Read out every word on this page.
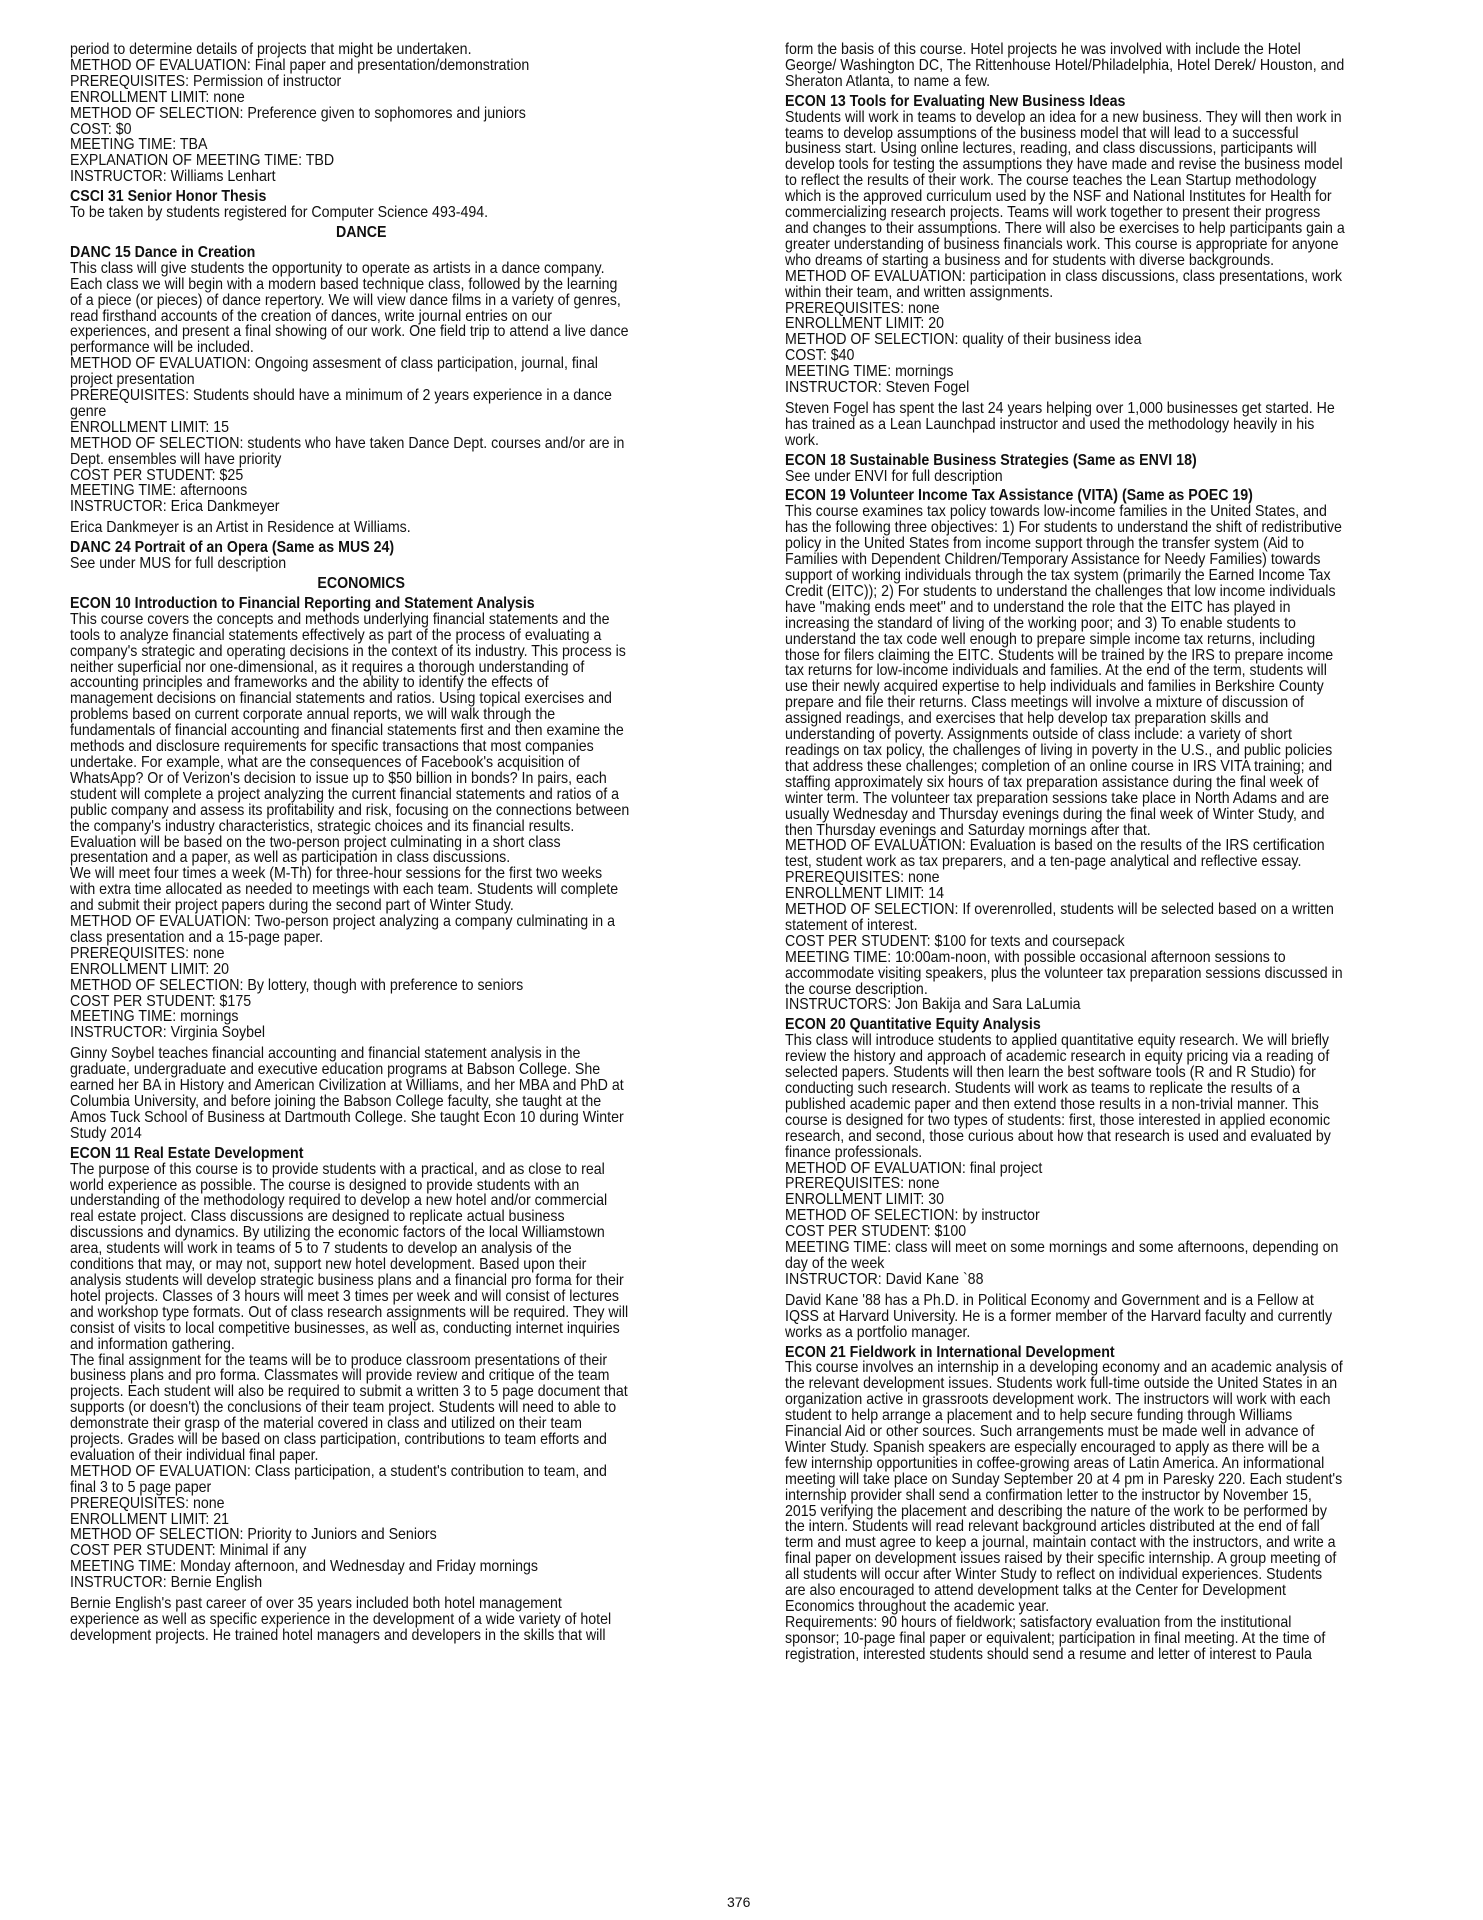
period to determine details of projects that might be undertaken.

METHOD OF EVALUATION: Final paper and presentation/demonstration

PREREQUISITES: Permission of instructor

ENROLLMENT LIMIT: none

METHOD OF SELECTION: Preference given to sophomores and juniors

COST: $0

MEETING TIME: TBA

EXPLANATION OF MEETING TIME: TBD

INSTRUCTOR: Williams Lenhart

CSCI 31 Senior Honor Thesis

To be taken by students registered for Computer Science 493-494.

DANCE
DANC 15 Dance in Creation

This class will give students the opportunity to operate as artists in a dance company.

Each class we will begin with a modern based technique class, followed by the learning

of a piece (or pieces) of dance repertory. We will view dance films in a variety of genres,

read firsthand accounts of the creation of dances, write journal entries on our

experiences, and present a final showing of our work. One field trip to attend a live dance

performance will be included.

METHOD OF EVALUATION: Ongoing assesment of class participation, journal, final

project presentation

PREREQUISITES: Students should have a minimum of 2 years experience in a dance

genre

ENROLLMENT LIMIT: 15

METHOD OF SELECTION: students who have taken Dance Dept. courses and/or are in

Dept. ensembles will have priority

COST PER STUDENT: $25

MEETING TIME: afternoons

INSTRUCTOR: Erica Dankmeyer

Erica Dankmeyer is an Artist in Residence at Williams.

DANC 24 Portrait of an Opera (Same as MUS 24)

See under MUS for full description

ECONOMICS
ECON 10 Introduction to Financial Reporting and Statement Analysis

This course covers the concepts and methods underlying financial statements and the

tools to analyze financial statements effectively as part of the process of evaluating a

company's strategic and operating decisions in the context of its industry. This process is

neither superficial nor one-dimensional, as it requires a thorough understanding of

accounting principles and frameworks and the ability to identify the effects of

management decisions on financial statements and ratios. Using topical exercises and

problems based on current corporate annual reports, we will walk through the

fundamentals of financial accounting and financial statements first and then examine the

methods and disclosure requirements for specific transactions that most companies

undertake. For example, what are the consequences of Facebook's acquisition of

WhatsApp? Or of Verizon's decision to issue up to $50 billion in bonds? In pairs, each

student will complete a project analyzing the current financial statements and ratios of a

public company and assess its profitability and risk, focusing on the connections between

the company's industry characteristics, strategic choices and its financial results.

Evaluation will be based on the two-person project culminating in a short class

presentation and a paper, as well as participation in class discussions.

We will meet four times a week (M-Th) for three-hour sessions for the first two weeks

with extra time allocated as needed to meetings with each team. Students will complete

and submit their project papers during the second part of Winter Study.

METHOD OF EVALUATION: Two-person project analyzing a company culminating in a

class presentation and a 15-page paper.

PREREQUISITES: none

ENROLLMENT LIMIT: 20

METHOD OF SELECTION: By lottery, though with preference to seniors

COST PER STUDENT: $175

MEETING TIME: mornings

INSTRUCTOR: Virginia Soybel

Ginny Soybel teaches financial accounting and financial statement analysis in the

graduate, undergraduate and executive education programs at Babson College. She

earned her BA in History and American Civilization at Williams, and her MBA and PhD at

Columbia University, and before joining the Babson College faculty, she taught at the

Amos Tuck School of Business at Dartmouth College. She taught Econ 10 during Winter

Study 2014

ECON 11 Real Estate Development

The purpose of this course is to provide students with a practical, and as close to real

world experience as possible. The course is designed to provide students with an

understanding of the methodology required to develop a new hotel and/or commercial

real estate project. Class discussions are designed to replicate actual business

discussions and dynamics. By utilizing the economic factors of the local Williamstown

area, students will work in teams of 5 to 7 students to develop an analysis of the

conditions that may, or may not, support new hotel development. Based upon their

analysis students will develop strategic business plans and a financial pro forma for their

hotel projects. Classes of 3 hours will meet 3 times per week and will consist of lectures

and workshop type formats. Out of class research assignments will be required. They will

consist of visits to local competitive businesses, as well as, conducting internet inquiries

and information gathering.

The final assignment for the teams will be to produce classroom presentations of their

business plans and pro forma. Classmates will provide review and critique of the team

projects. Each student will also be required to submit a written 3 to 5 page document that

supports (or doesn't) the conclusions of their team project. Students will need to able to

demonstrate their grasp of the material covered in class and utilized on their team

projects. Grades will be based on class participation, contributions to team efforts and

evaluation of their individual final paper.

METHOD OF EVALUATION: Class participation, a student's contribution to team, and

final 3 to 5 page paper

PREREQUISITES: none

ENROLLMENT LIMIT: 21

METHOD OF SELECTION: Priority to Juniors and Seniors

COST PER STUDENT: Minimal if any

MEETING TIME: Monday afternoon, and Wednesday and Friday mornings

INSTRUCTOR: Bernie English

Bernie English's past career of over 35 years included both hotel management

experience as well as specific experience in the development of a wide variety of hotel

development projects. He trained hotel managers and developers in the skills that will

form the basis of this course. Hotel projects he was involved with include the Hotel

George/ Washington DC, The Rittenhouse Hotel/Philadelphia, Hotel Derek/ Houston, and

Sheraton Atlanta, to name a few.

ECON 13 Tools for Evaluating New Business Ideas

Students will work in teams to develop an idea for a new business. They will then work in

teams to develop assumptions of the business model that will lead to a successful

business start. Using online lectures, reading, and class discussions, participants will

develop tools for testing the assumptions they have made and revise the business model

to reflect the results of their work. The course teaches the Lean Startup methodology

which is the approved curriculum used by the NSF and National Institutes for Health for

commercializing research projects. Teams will work together to present their progress

and changes to their assumptions. There will also be exercises to help participants gain a

greater understanding of business financials work. This course is appropriate for anyone

who dreams of starting a business and for students with diverse backgrounds.

METHOD OF EVALUATION: participation in class discussions, class presentations, work

within their team, and written assignments.

PREREQUISITES: none

ENROLLMENT LIMIT: 20

METHOD OF SELECTION: quality of their business idea

COST: $40

MEETING TIME: mornings

INSTRUCTOR: Steven Fogel

Steven Fogel has spent the last 24 years helping over 1,000 businesses get started. He

has trained as a Lean Launchpad instructor and used the methodology heavily in his

work.

ECON 18 Sustainable Business Strategies (Same as ENVI 18)

See under ENVI for full description

ECON 19 Volunteer Income Tax Assistance (VITA) (Same as POEC 19)

This course examines tax policy towards low-income families in the United States, and

has the following three objectives: 1) For students to understand the shift of redistributive

policy in the United States from income support through the transfer system (Aid to

Families with Dependent Children/Temporary Assistance for Needy Families) towards

support of working individuals through the tax system (primarily the Earned Income Tax

Credit (EITC)); 2) For students to understand the challenges that low income individuals

have "making ends meet" and to understand the role that the EITC has played in

increasing the standard of living of the working poor; and 3) To enable students to

understand the tax code well enough to prepare simple income tax returns, including

those for filers claiming the EITC. Students will be trained by the IRS to prepare income

tax returns for low-income individuals and families. At the end of the term, students will

use their newly acquired expertise to help individuals and families in Berkshire County

prepare and file their returns. Class meetings will involve a mixture of discussion of

assigned readings, and exercises that help develop tax preparation skills and

understanding of poverty. Assignments outside of class include: a variety of short

readings on tax policy, the challenges of living in poverty in the U.S., and public policies

that address these challenges; completion of an online course in IRS VITA training; and

staffing approximately six hours of tax preparation assistance during the final week of

winter term. The volunteer tax preparation sessions take place in North Adams and are

usually Wednesday and Thursday evenings during the final week of Winter Study, and

then Thursday evenings and Saturday mornings after that.

METHOD OF EVALUATION: Evaluation is based on the results of the IRS certification

test, student work as tax preparers, and a ten-page analytical and reflective essay.

PREREQUISITES: none

ENROLLMENT LIMIT: 14

METHOD OF SELECTION: If overenrolled, students will be selected based on a written

statement of interest.

COST PER STUDENT: $100 for texts and coursepack

MEETING TIME: 10:00am-noon, with possible occasional afternoon sessions to

accommodate visiting speakers, plus the volunteer tax preparation sessions discussed in

the course description.

INSTRUCTORS: Jon Bakija and Sara LaLumia

ECON 20 Quantitative Equity Analysis

This class will introduce students to applied quantitative equity research. We will briefly

review the history and approach of academic research in equity pricing via a reading of

selected papers. Students will then learn the best software tools (R and R Studio) for

conducting such research. Students will work as teams to replicate the results of a

published academic paper and then extend those results in a non-trivial manner. This

course is designed for two types of students: first, those interested in applied economic

research, and second, those curious about how that research is used and evaluated by

finance professionals.

METHOD OF EVALUATION: final project

PREREQUISITES: none

ENROLLMENT LIMIT: 30

METHOD OF SELECTION: by instructor

COST PER STUDENT: $100

MEETING TIME: class will meet on some mornings and some afternoons, depending on

day of the week

INSTRUCTOR: David Kane `88

David Kane '88 has a Ph.D. in Political Economy and Government and is a Fellow at

IQSS at Harvard University. He is a former member of the Harvard faculty and currently

works as a portfolio manager.

ECON 21 Fieldwork in International Development

This course involves an internship in a developing economy and an academic analysis of

the relevant development issues. Students work full-time outside the United States in an

organization active in grassroots development work. The instructors will work with each

student to help arrange a placement and to help secure funding through Williams

Financial Aid or other sources. Such arrangements must be made well in advance of

Winter Study. Spanish speakers are especially encouraged to apply as there will be a

few internship opportunities in coffee-growing areas of Latin America. An informational

meeting will take place on Sunday September 20 at 4 pm in Paresky 220. Each student's

internship provider shall send a confirmation letter to the instructor by November 15,

2015 verifying the placement and describing the nature of the work to be performed by

the intern. Students will read relevant background articles distributed at the end of fall

term and must agree to keep a journal, maintain contact with the instructors, and write a

final paper on development issues raised by their specific internship. A group meeting of

all students will occur after Winter Study to reflect on individual experiences. Students

are also encouraged to attend development talks at the Center for Development

Economics throughout the academic year.

Requirements: 90 hours of fieldwork; satisfactory evaluation from the institutional

sponsor; 10-page final paper or equivalent; participation in final meeting. At the time of

registration, interested students should send a resume and letter of interest to Paula

376
